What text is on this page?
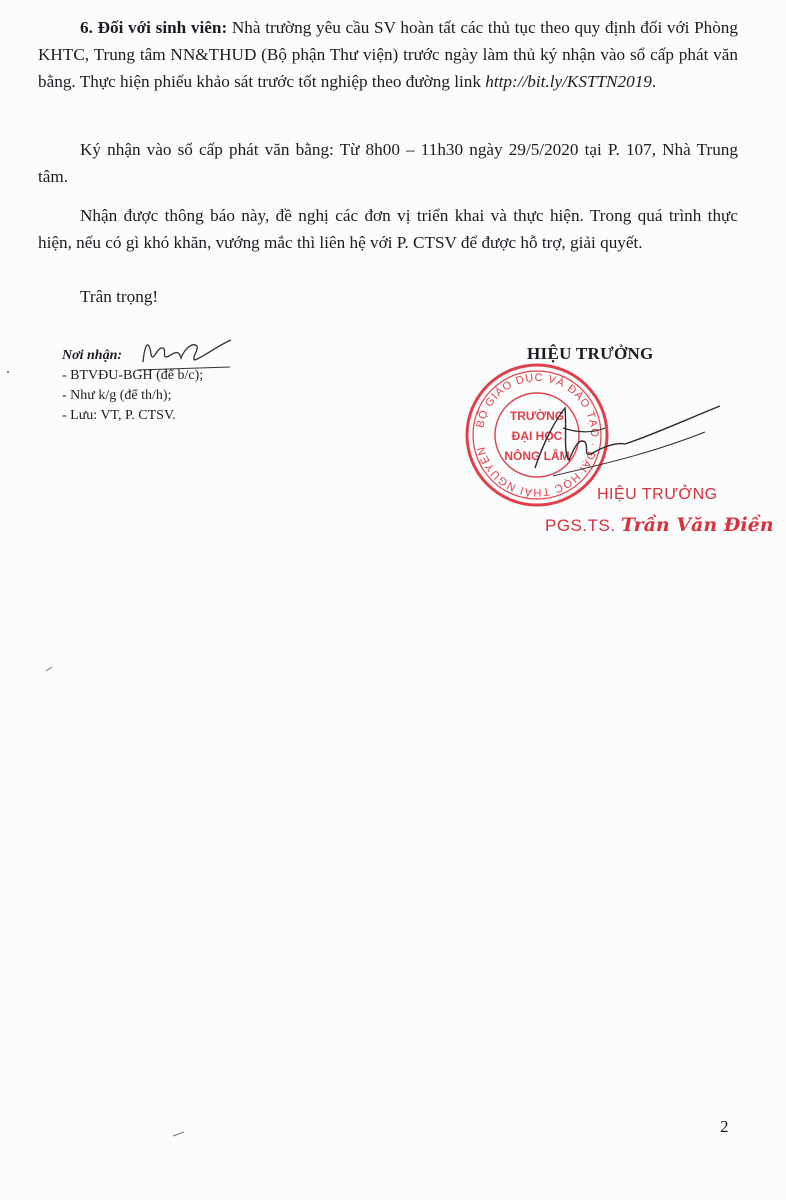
6. Đối với sinh viên: Nhà trường yêu cầu SV hoàn tất các thủ tục theo quy định đối với Phòng KHTC, Trung tâm NN&THUD (Bộ phận Thư viện) trước ngày làm thủ ký nhận vào sổ cấp phát văn bằng. Thực hiện phiếu khảo sát trước tốt nghiệp theo đường link http://bit.ly/KSTTN2019.
Ký nhận vào sổ cấp phát văn bằng: Từ 8h00 – 11h30 ngày 29/5/2020 tại P. 107, Nhà Trung tâm.
Nhận được thông báo này, đề nghị các đơn vị triển khai và thực hiện. Trong quá trình thực hiện, nếu có gì khó khăn, vướng mắc thì liên hệ với P. CTSV để được hỗ trợ, giải quyết.
Trân trọng!
Nơi nhận:
- BTVĐU-BGH (để b/c);
- Như k/g (để th/h);
- Lưu: VT, P. CTSV.
HIỆU TRƯỞNG
BỘ GIÁO DỤC VÀ ĐÀO TẠO · ĐẠI HỌC THÁI NGUYÊN
TRƯỜNG
ĐẠI HỌC
NÔNG LÂM
HIỆU TRƯỞNG
PGS.TS. Trần Văn Điền
2
